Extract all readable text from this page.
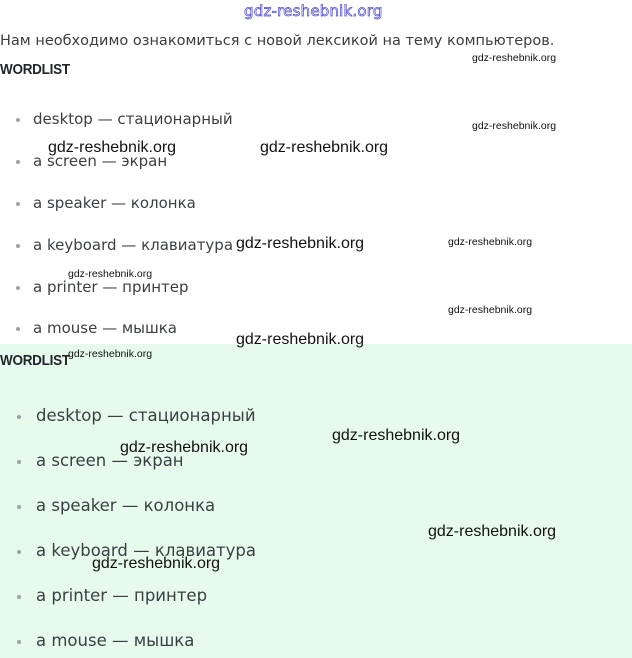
gdz-reshebnik.org
Нам необходимо ознакомиться с новой лексикой на тему компьютеров.
WORDLIST
desktop — стационарный
a screen — экран
a speaker — колонка
a keyboard — клавиатура
a printer — принтер
a mouse — мышка
WORDLIST
desktop — стационарный
a screen — экран
a speaker — колонка
a keyboard — клавиатура
a printer — принтер
a mouse — мышка
gdz-reshebnik.org
gdz-reshebnik.org
gdz-reshebnik.org	gdz-reshebnik.org
gdz-reshebnik.org	gdz-reshebnik.org
gdz-reshebnik.org
gdz-reshebnik.org
gdz-reshebnik.org
gdz-reshebnik.org
gdz-reshebnik.org
gdz-reshebnik.org
gdz-reshebnik.org
gdz-reshebnik.org
